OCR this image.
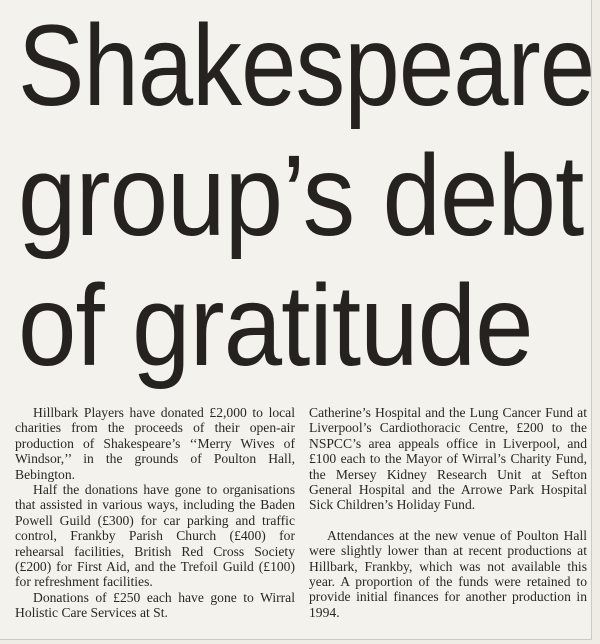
Shakespeare
group’s debt
of gratitude

Hillbark Players have donated £2,000 to local charities from the proceeds of their open-air production of Shakespeare’s ‘‘Merry Wives of Windsor,’’ in the grounds of Poulton Hall, Bebington.

Half the donations have gone to organisations that assisted in various ways, including the Baden Powell Guild (£300) for car parking and traffic control, Frankby Parish Church (£400) for rehearsal facilities, British Red Cross Society (£200) for First Aid, and the Trefoil Guild (£100) for refreshment facilities.

Donations of £250 each have gone to Wirral Holistic Care Services at St.

Catherine’s Hospital and the Lung Cancer Fund at Liverpool’s Cardiothoracic Centre, £200 to the NSPCC’s area appeals office in Liverpool, and £100 each to the Mayor of Wirral’s Charity Fund, the Mersey Kidney Research Unit at Sefton General Hospital and the Arrowe Park Hospital Sick Children’s Holiday Fund.

Attendances at the new venue of Poulton Hall were slightly lower than at recent productions at Hillbark, Frankby, which was not available this year. A proportion of the funds were retained to provide initial finances for another production in 1994.
